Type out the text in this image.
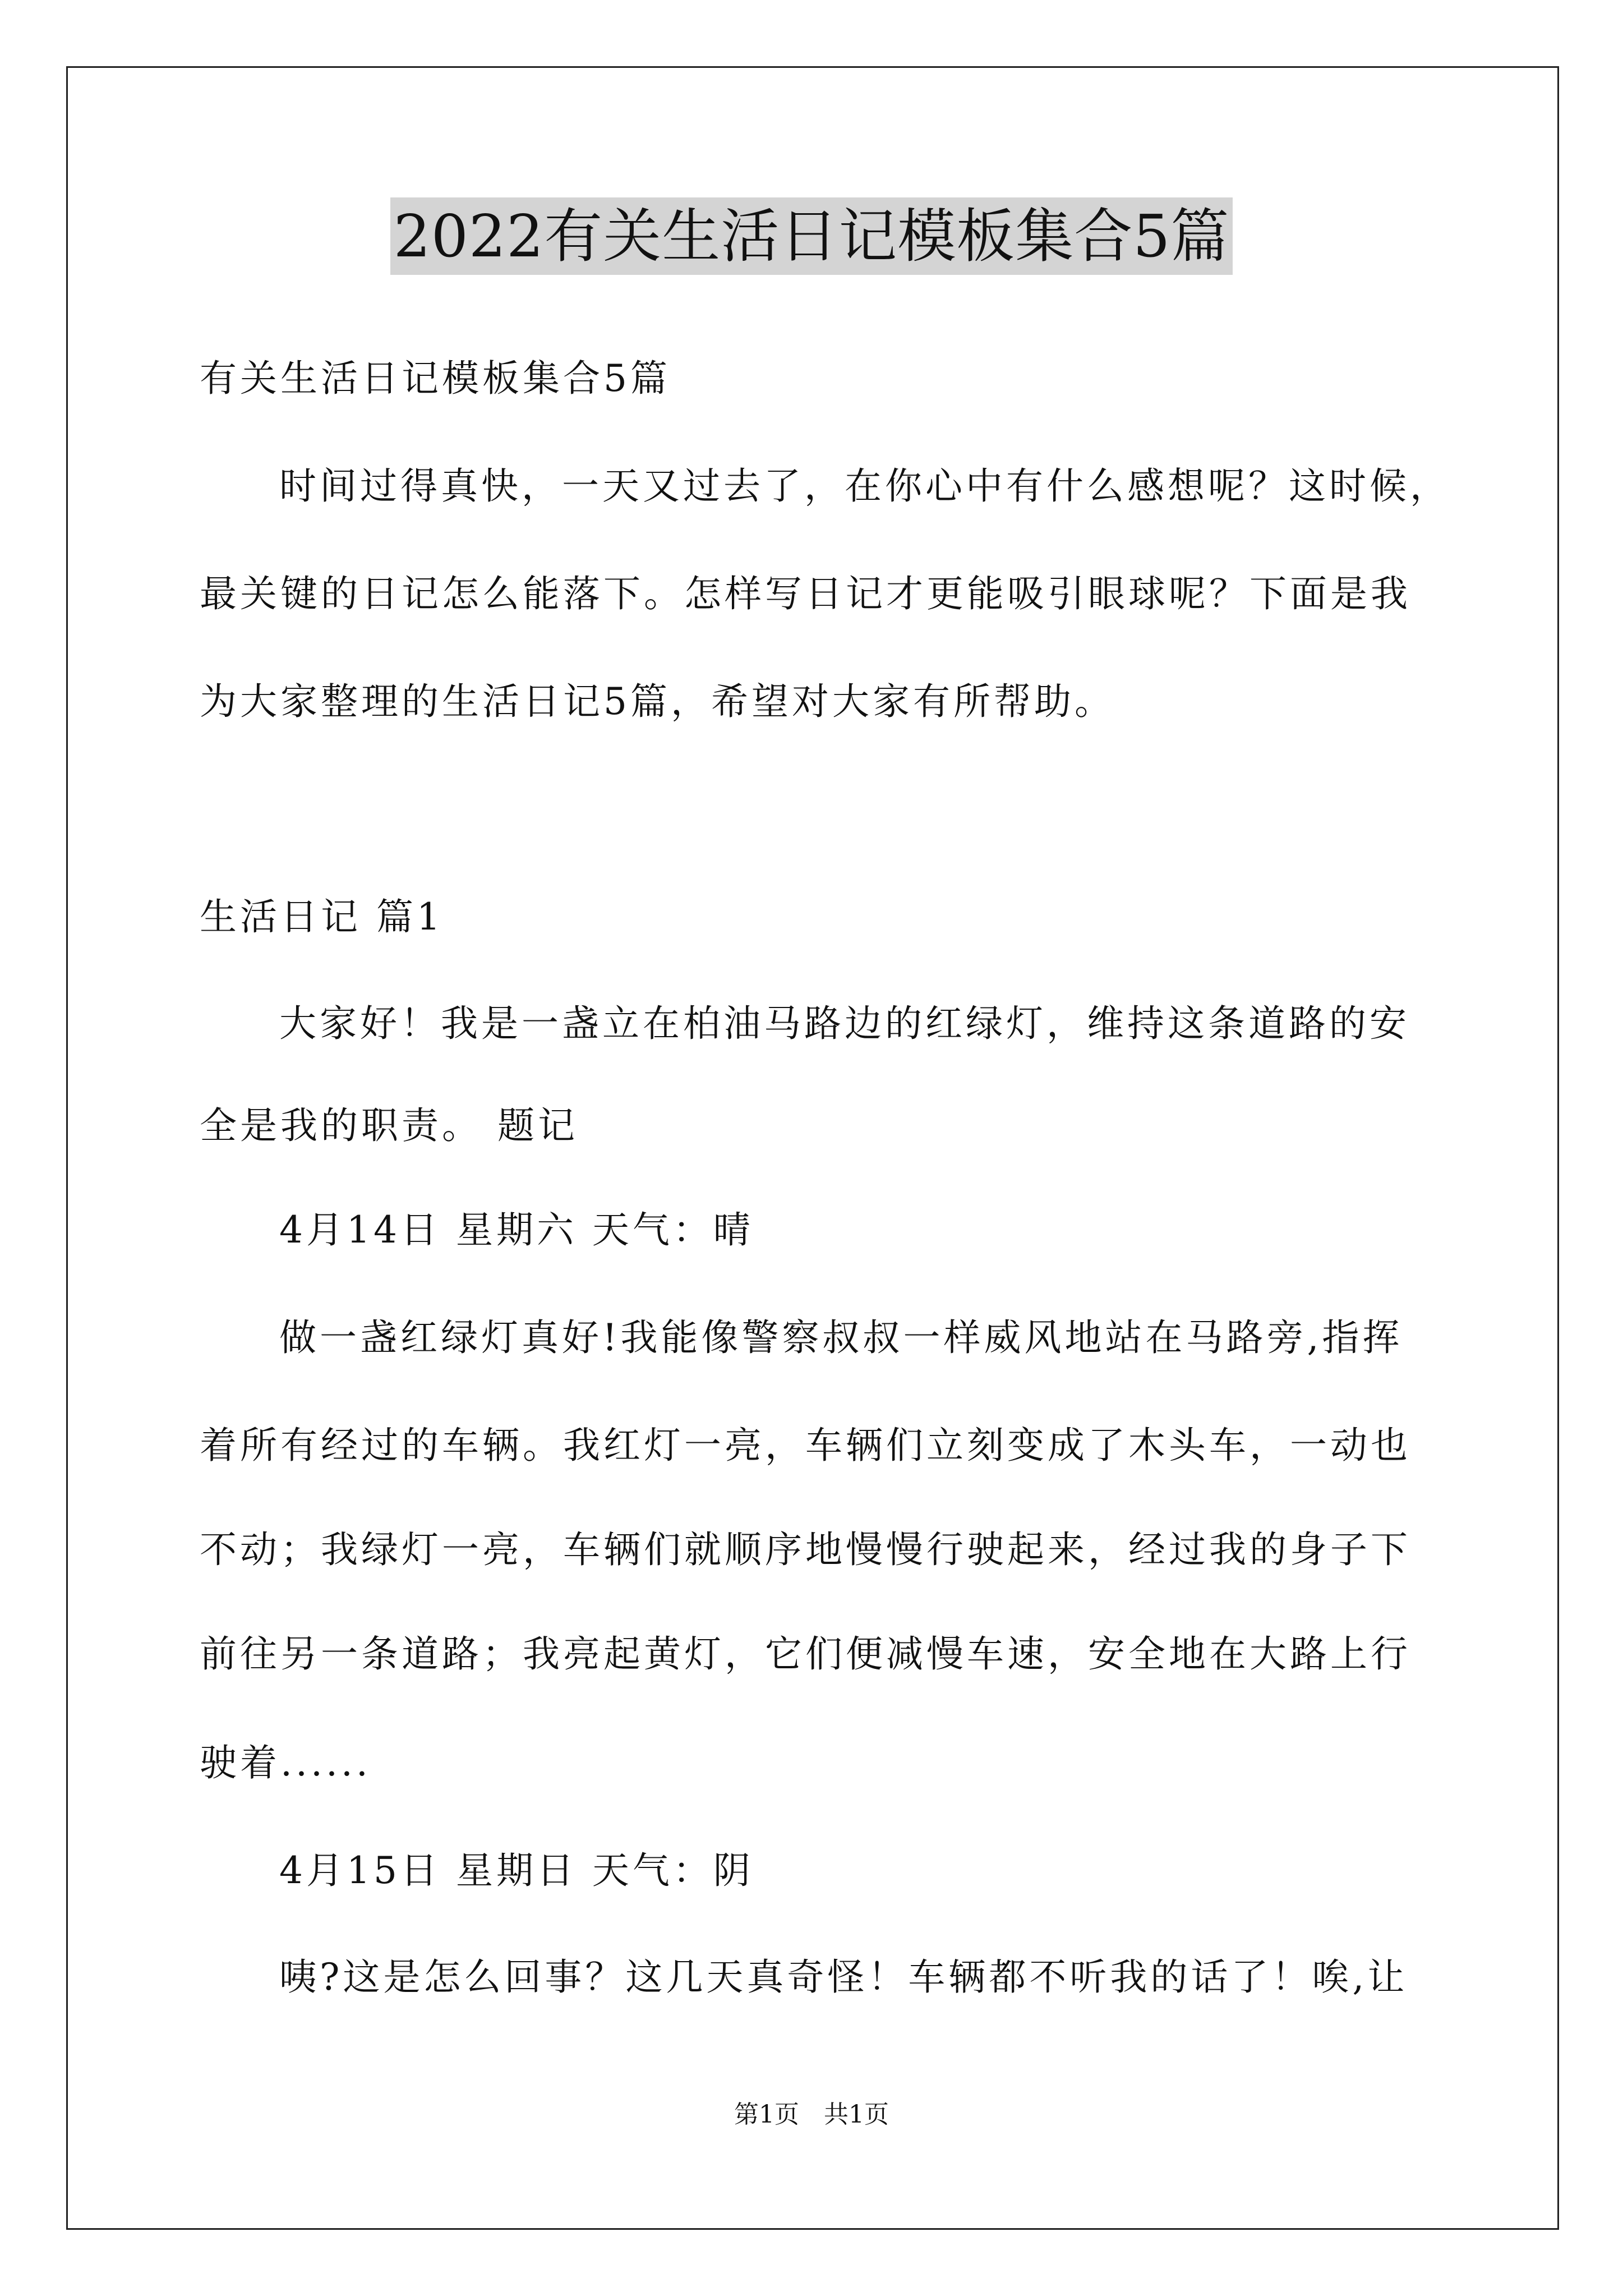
2022有关生活日记模板集合5篇
有关生活日记模板集合5篇
时间过得真快，一天又过去了，在你心中有什么感想呢？这时候，
最关键的日记怎么能落下。怎样写日记才更能吸引眼球呢？下面是我
为大家整理的生活日记5篇，希望对大家有所帮助。
生活日记 篇1
大家好！我是一盏立在柏油马路边的红绿灯，维持这条道路的安
全是我的职责。 题记
4月14日 星期六 天气：晴
做一盏红绿灯真好!我能像警察叔叔一样威风地站在马路旁,指挥
着所有经过的车辆。我红灯一亮，车辆们立刻变成了木头车，一动也
不动；我绿灯一亮，车辆们就顺序地慢慢行驶起来，经过我的身子下
前往另一条道路；我亮起黄灯，它们便减慢车速，安全地在大路上行
驶着......
4月15日 星期日 天气：阴
咦?这是怎么回事？这几天真奇怪！车辆都不听我的话了！唉,让
第1页 共1页
